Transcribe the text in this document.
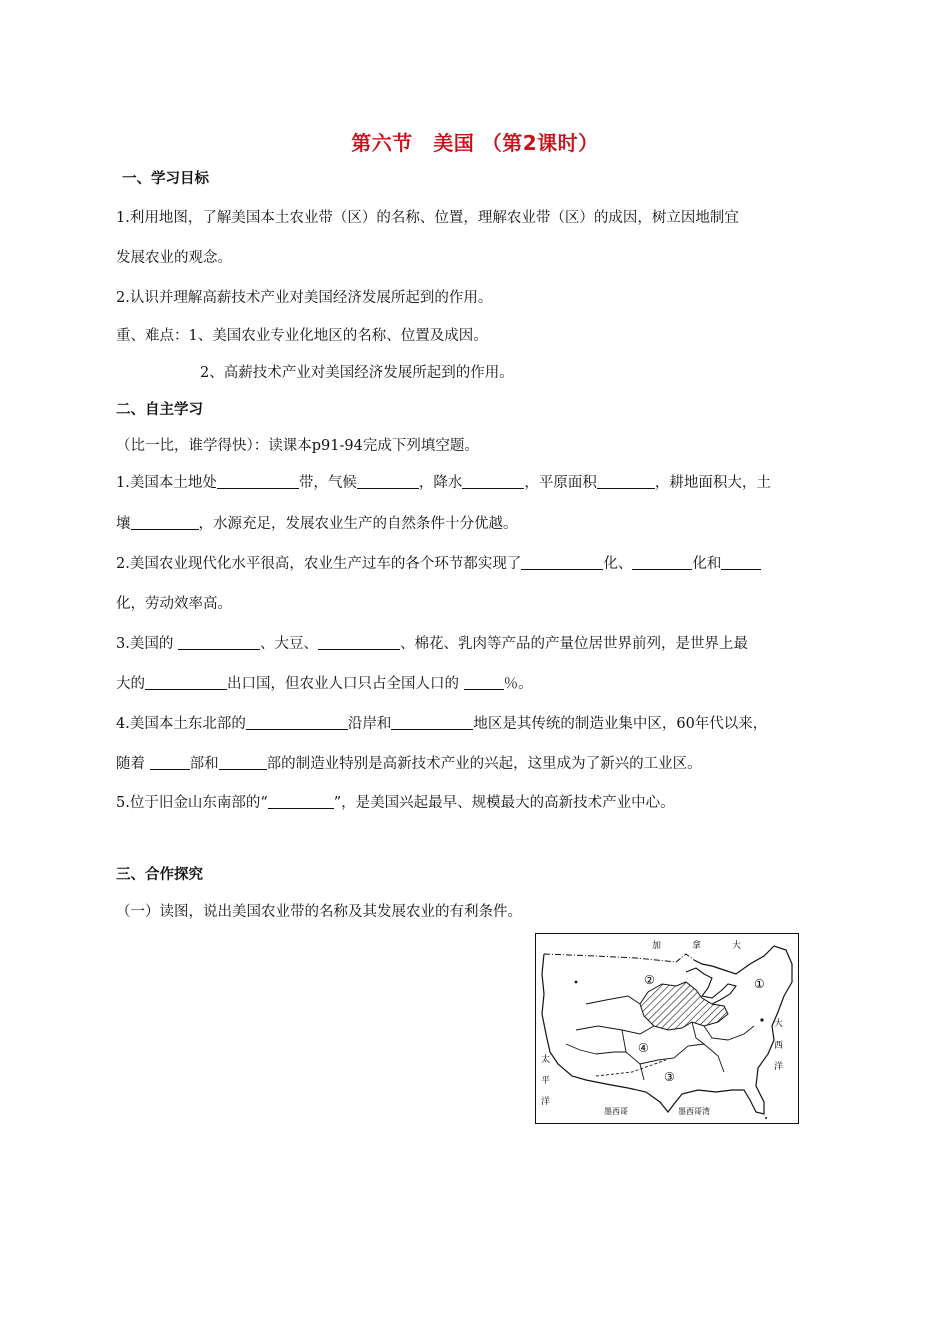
第六节　美国 （第2课时）
一、学习目标
1.利用地图，了解美国本土农业带（区）的名称、位置，理解农业带（区）的成因，树立因地制宜
发展农业的观念。
2.认识并理解高薪技术产业对美国经济发展所起到的作用。
重、难点：1、美国农业专业化地区的名称、位置及成因。
2、高薪技术产业对美国经济发展所起到的作用。
二、自主学习
（比一比，谁学得快）：读课本p91-94完成下列填空题。
1.美国本土地处	带，气候	，降水	，平原面积	，耕地面积大，土
壤	，水源充足，发展农业生产的自然条件十分优越。
2.美国农业现代化水平很高，农业生产过车的各个环节都实现了	化、	化和
化，劳动效率高。
3.美国的	、大豆、	、棉花、乳肉等产品的产量位居世界前列，是世界上最
大的	出口国，但农业人口只占全国人口的	％。
4.美国本土东北部的	沿岸和	地区是其传统的制造业集中区，60年代以来，
随着	部和	部的制造业特别是高新技术产业的兴起，这里成为了新兴的工业区。
5.位于旧金山东南部的“	”，是美国兴起最早、规模最大的高新技术产业中心。
三、合作探究
（一）读图，说出美国农业带的名称及其发展农业的有利条件。
加	拿	大
大
西
洋
太
平
洋
墨西哥	墨西哥湾
①
②
③
④
